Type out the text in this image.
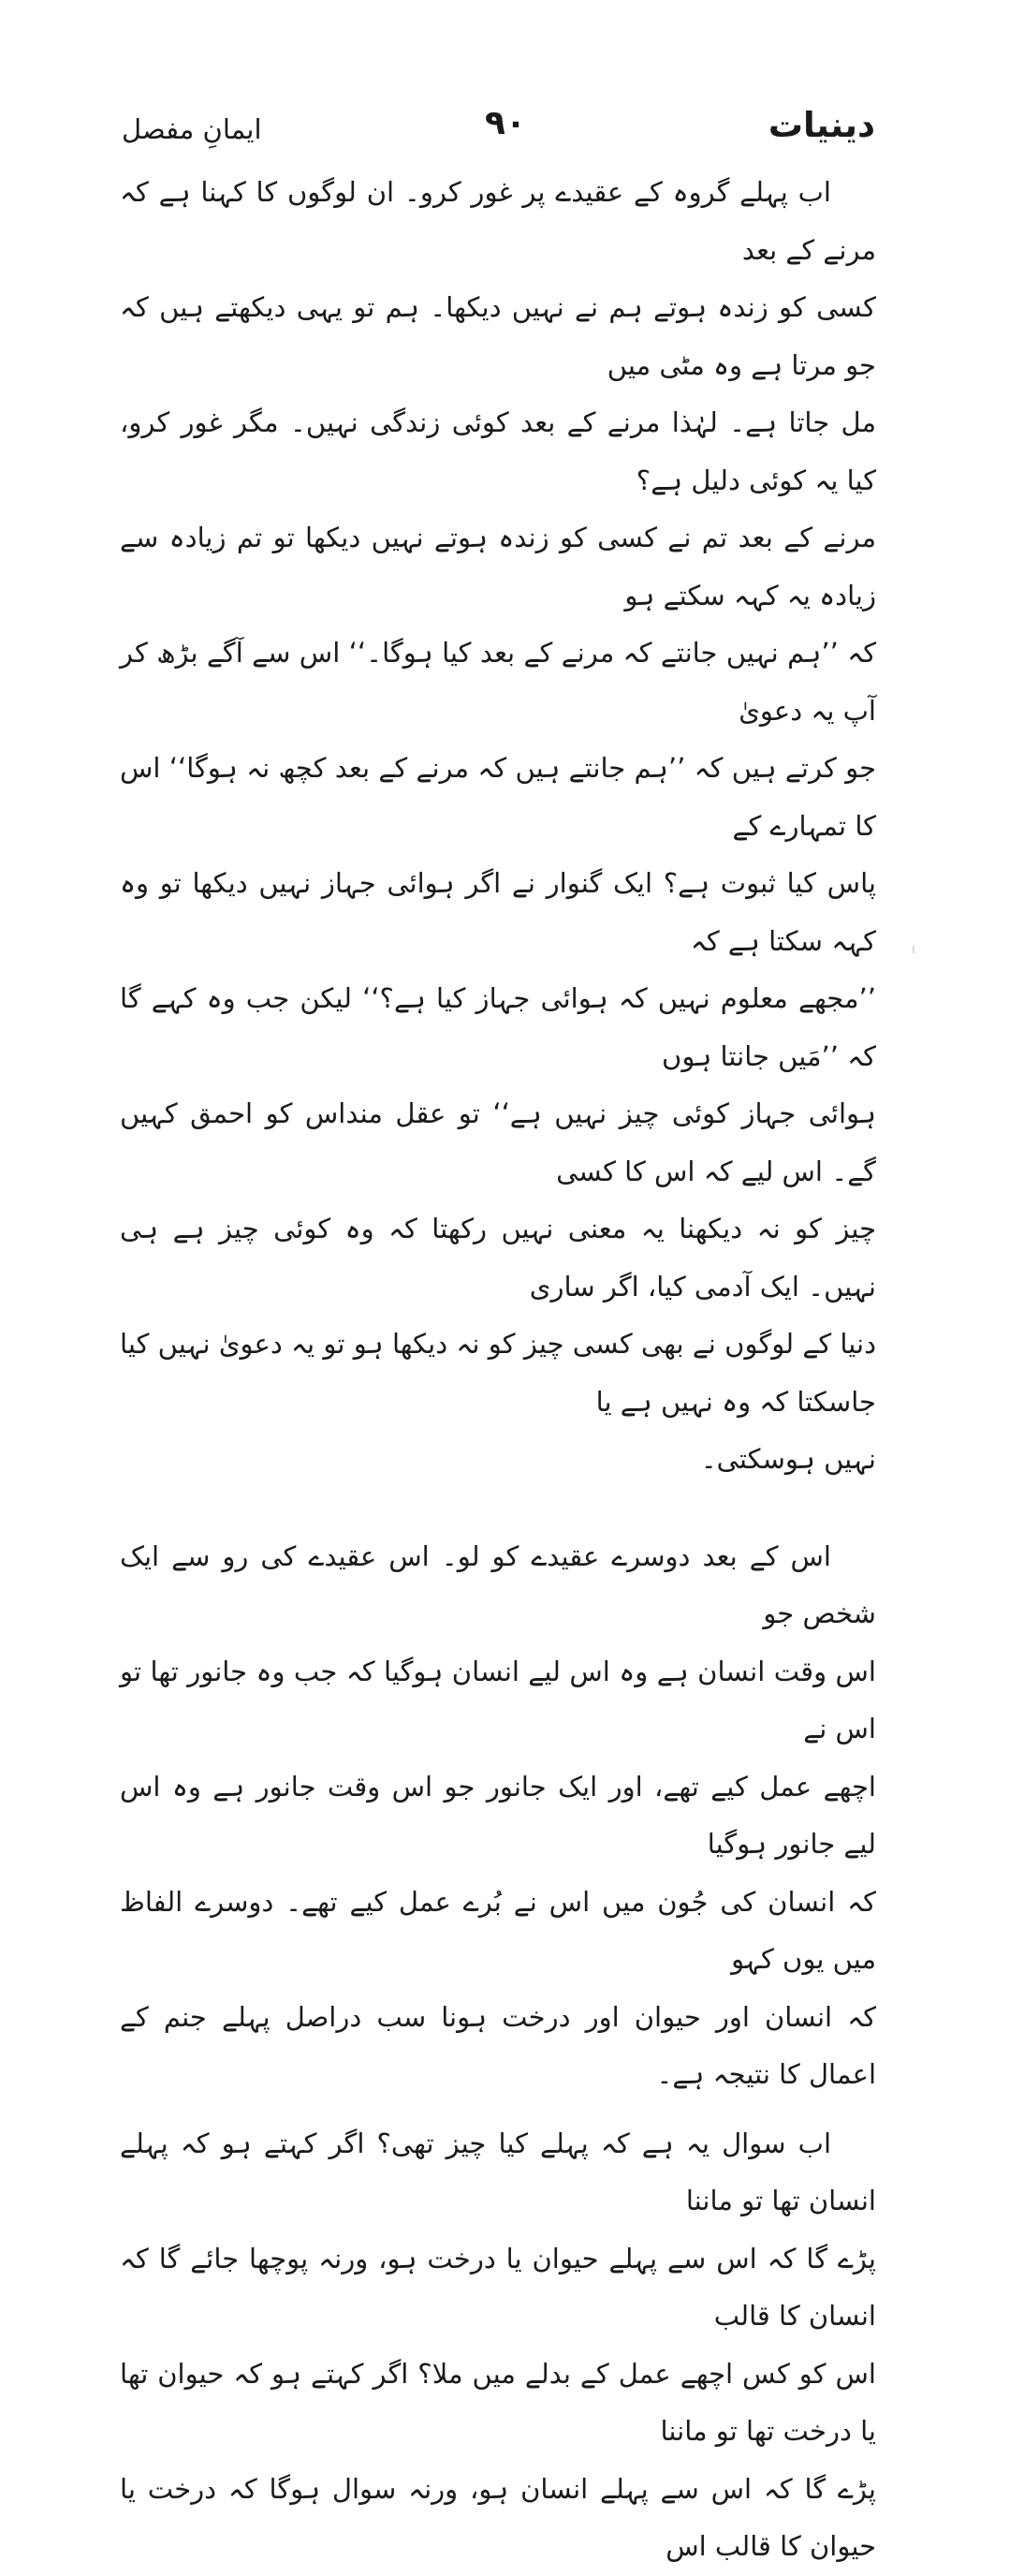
ایمانِ مفصل	۹۰	دینیات
اب پہلے گروہ کے عقیدے پر غور کرو۔ ان لوگوں کا کہنا ہے کہ مرنے کے بعد
کسی کو زندہ ہوتے ہم نے نہیں دیکھا۔ ہم تو یہی دیکھتے ہیں کہ جو مرتا ہے وہ مٹی میں
مل جاتا ہے۔ لہٰذا مرنے کے بعد کوئی زندگی نہیں۔ مگر غور کرو، کیا یہ کوئی دلیل ہے؟
مرنے کے بعد تم نے کسی کو زندہ ہوتے نہیں دیکھا تو تم زیادہ سے زیادہ یہ کہہ سکتے ہو
کہ ’’ہم نہیں جانتے کہ مرنے کے بعد کیا ہوگا۔‘‘ اس سے آگے بڑھ کر آپ یہ دعویٰ
جو کرتے ہیں کہ ’’ہم جانتے ہیں کہ مرنے کے بعد کچھ نہ ہوگا‘‘ اس کا تمہارے کے
پاس کیا ثبوت ہے؟ ایک گنوار نے اگر ہوائی جہاز نہیں دیکھا تو وہ کہہ سکتا ہے کہ
’’مجھے معلوم نہیں کہ ہوائی جہاز کیا ہے؟‘‘ لیکن جب وہ کہے گا کہ ’’مَیں جانتا ہوں
ہوائی جہاز کوئی چیز نہیں ہے‘‘ تو عقل منداس کو احمق کہیں گے۔ اس لیے کہ اس کا کسی
چیز کو نہ دیکھنا یہ معنی نہیں رکھتا کہ وہ کوئی چیز ہے ہی نہیں۔ ایک آدمی کیا، اگر ساری
دنیا کے لوگوں نے بھی کسی چیز کو نہ دیکھا ہو تو یہ دعویٰ نہیں کیا جاسکتا کہ وہ نہیں ہے یا
نہیں ہوسکتی۔
اس کے بعد دوسرے عقیدے کو لو۔ اس عقیدے کی رو سے ایک شخص جو
اس وقت انسان ہے وہ اس لیے انسان ہوگیا کہ جب وہ جانور تھا تو اس نے
اچھے عمل کیے تھے، اور ایک جانور جو اس وقت جانور ہے وہ اس لیے جانور ہوگیا
کہ انسان کی جُون میں اس نے بُرے عمل کیے تھے۔ دوسرے الفاظ میں یوں کہو
کہ انسان اور حیوان اور درخت ہونا سب دراصل پہلے جنم کے اعمال کا نتیجہ ہے۔
اب سوال یہ ہے کہ پہلے کیا چیز تھی؟ اگر کہتے ہو کہ پہلے انسان تھا تو ماننا
پڑے گا کہ اس سے پہلے حیوان یا درخت ہو، ورنہ پوچھا جائے گا کہ انسان کا قالب
اس کو کس اچھے عمل کے بدلے میں ملا؟ اگر کہتے ہو کہ حیوان تھا یا درخت تھا تو ماننا
پڑے گا کہ اس سے پہلے انسان ہو، ورنہ سوال ہوگا کہ درخت یا حیوان کا قالب اس
